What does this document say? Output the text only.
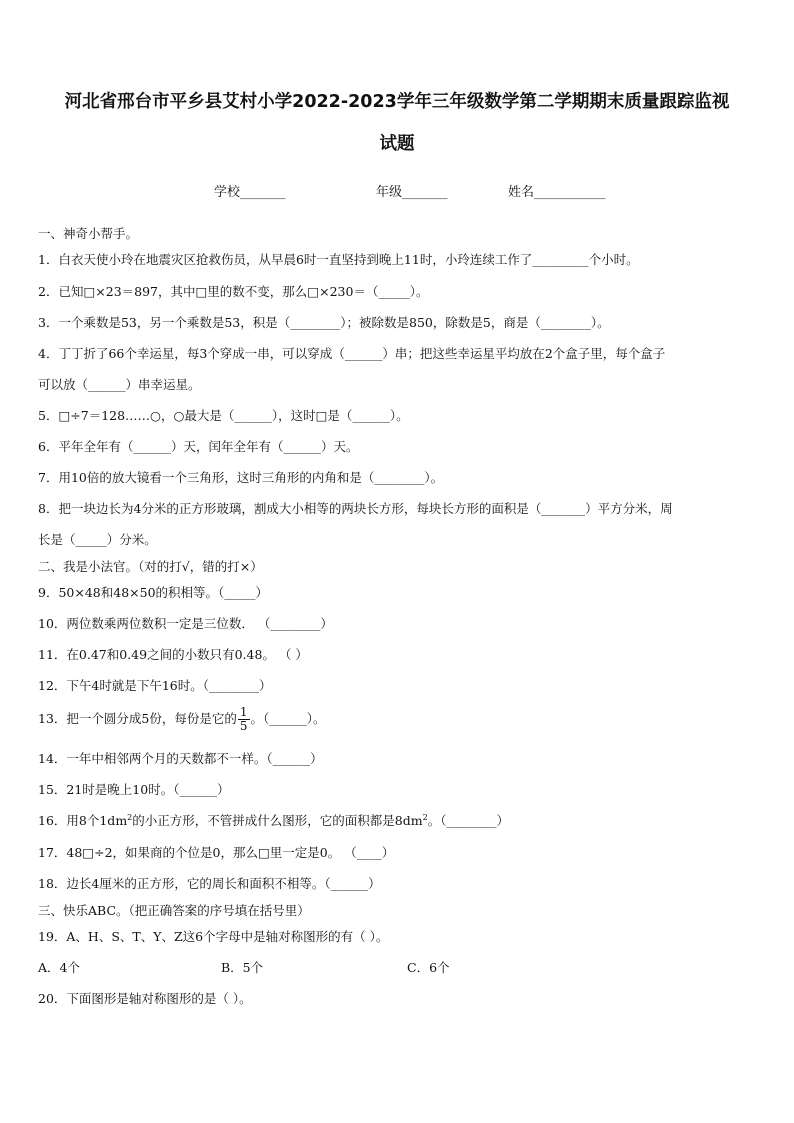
河北省邢台市平乡县艾村小学2022-2023学年三年级数学第二学期期末质量跟踪监视
试题
学校_______	年级_______	姓名___________
一、神奇小帮手。
1．白衣天使小玲在地震灾区抢救伤员，从早晨6时一直坚持到晚上11时，小玲连续工作了_________个小时。
2．已知□×23＝897，其中□里的数不变，那么□×230＝（_____）。
3．一个乘数是53，另一个乘数是53，积是（________）；被除数是850，除数是5，商是（________）。
4．丁丁折了66个幸运星，每3个穿成一串，可以穿成（______）串；把这些幸运星平均放在2个盒子里，每个盒子
可以放（______）串幸运星。
5．□÷7＝128……○，○最大是（______），这时□是（______）。
6．平年全年有（______）天，闰年全年有（______）天。
7．用10倍的放大镜看一个三角形，这时三角形的内角和是（________）。
8．把一块边长为4分米的正方形玻璃，割成大小相等的两块长方形，每块长方形的面积是（_______）平方分米，周
长是（_____）分米。
二、我是小法官。（对的打√，错的打×）
9．50×48和48×50的积相等。（_____）
10．两位数乘两位数积一定是三位数． （________）
11．在0.47和0.49之间的小数只有0.48。 （ ）
12．下午4时就是下午16时。（________）
13．把一个圆分成5份，每份是它的 $\frac{1}{5}$ 。（______）。
14．一年中相邻两个月的天数都不一样。（______）
15．21时是晚上10时。（______）
16．用8个$1dm^2$的小正方形，不管拼成什么图形，它的面积都是$8dm^2$。（________）
17．48□÷2，如果商的个位是0，那么□里一定是0。 （____）
18．边长4厘米的正方形，它的周长和面积不相等。（______）
三、快乐ABC。（把正确答案的序号填在括号里）
19．A、H、S、T、Y、Z这6个字母中是轴对称图形的有（ ）。
A．4个	B．5个	C．6个
20．下面图形是轴对称图形的是（ ）。
